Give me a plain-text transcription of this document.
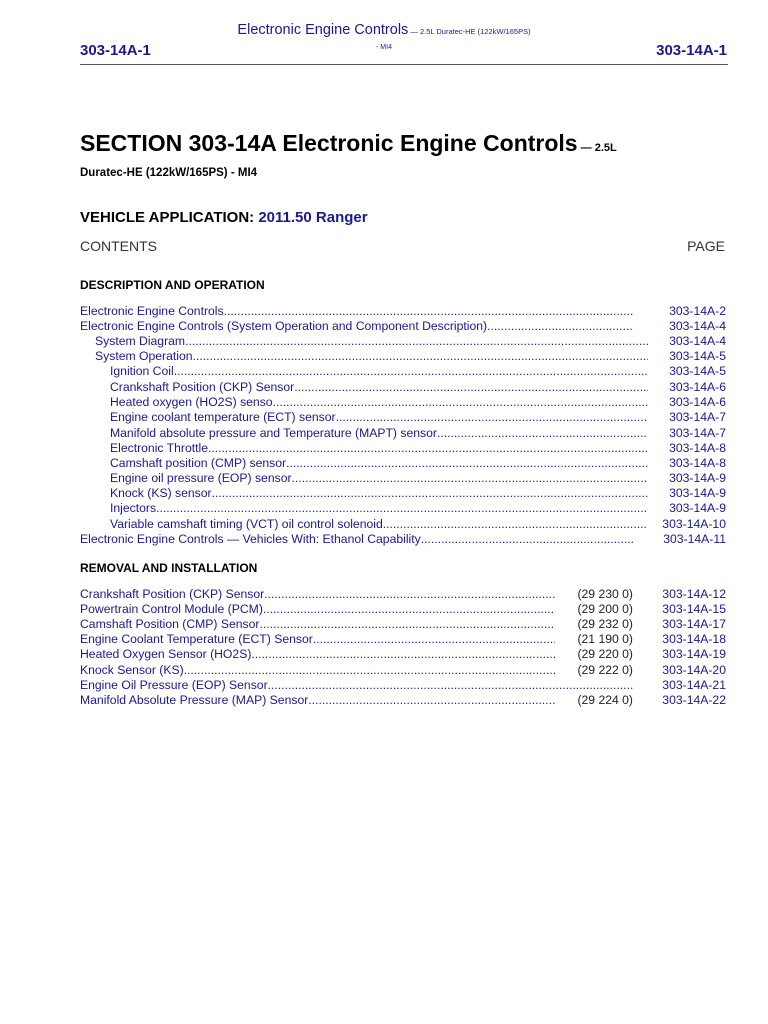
Electronic Engine Controls — 2.5L Duratec-HE (122kW/165PS)
- MI4
303-14A-1	303-14A-1
SECTION 303-14A Electronic Engine Controls — 2.5L
Duratec-HE (122kW/165PS) - MI4
VEHICLE APPLICATION: 2011.50 Ranger
CONTENTS	PAGE
DESCRIPTION AND OPERATION
Electronic Engine Controls .....	303-14A-2
Electronic Engine Controls (System Operation and Component Description) .....	303-14A-4
System Diagram .....	303-14A-4
System Operation .....	303-14A-5
Ignition Coil .....	303-14A-5
Crankshaft Position (CKP) Sensor .....	303-14A-6
Heated oxygen (HO2S) senso .....	303-14A-6
Engine coolant temperature (ECT) sensor .....	303-14A-7
Manifold absolute pressure and Temperature (MAPT) sensor .....	303-14A-7
Electronic Throttle .....	303-14A-8
Camshaft position (CMP) sensor .....	303-14A-8
Engine oil pressure (EOP) sensor .....	303-14A-9
Knock (KS) sensor .....	303-14A-9
Injectors .....	303-14A-9
Variable camshaft timing (VCT) oil control solenoid .....	303-14A-10
Electronic Engine Controls — Vehicles With: Ethanol Capability .....	303-14A-11
REMOVAL AND INSTALLATION
Crankshaft Position (CKP) Sensor .....	(29 230 0)	303-14A-12
Powertrain Control Module (PCM) .....	(29 200 0)	303-14A-15
Camshaft Position (CMP) Sensor .....	(29 232 0)	303-14A-17
Engine Coolant Temperature (ECT) Sensor .....	(21 190 0)	303-14A-18
Heated Oxygen Sensor (HO2S) .....	(29 220 0)	303-14A-19
Knock Sensor (KS) .....	(29 222 0)	303-14A-20
Engine Oil Pressure (EOP) Sensor .....	303-14A-21
Manifold Absolute Pressure (MAP) Sensor .....	(29 224 0)	303-14A-22
